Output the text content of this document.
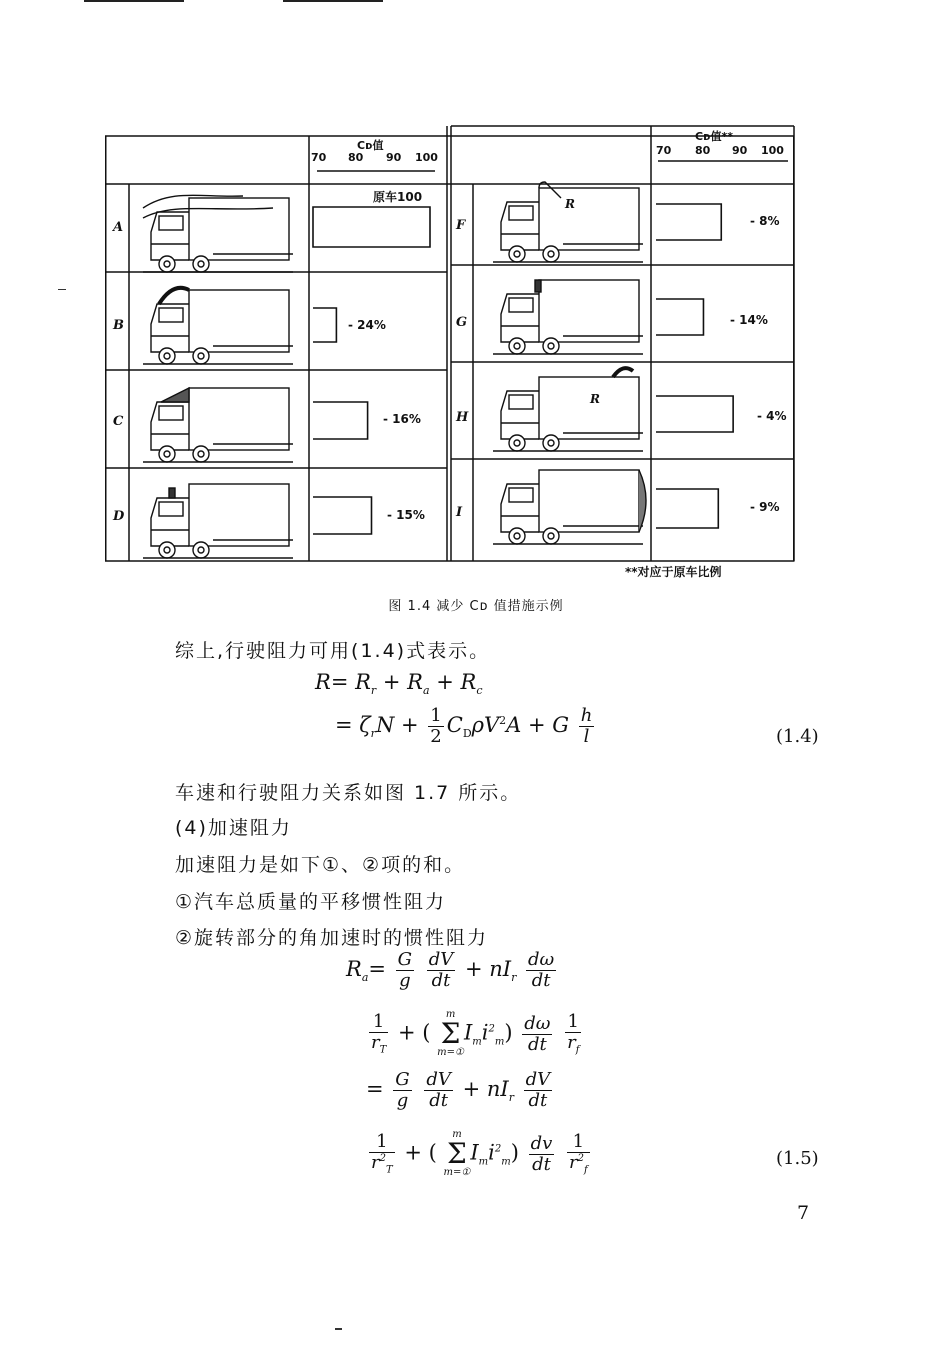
Cᴅ值
70 80 90 100
Cᴅ值**
70 80 90 100
原车100
A
B
C
D
F
G
H
I
- 24%
- 16%
- 15%
- 8%
- 14%
- 4%
- 9%
R
R
**对应于原车比例
图 1.4 减少 Cᴅ 值措施示例
综上,行驶阻力可用(1.4)式表示。
$R= R_r + R_a + R_c$
= $\zeta_rN + \frac{1}{2} C_D\rho V^2A + G \frac{h}{l}$	(1.4)
车速和行驶阻力关系如图 1.7 所示。
(4)加速阻力
加速阻力是如下①、②项的和。
①汽车总质量的平移惯性阻力
②旋转部分的角加速时的惯性阻力
$R_a= \frac{G}{g}$
$\frac{dV}{dt} + nI_r \frac{d\omega}{dt}$
$\frac{1}{r_T}$ + ( m
Σ
$m=①I_mi^2_m) \frac{d\omega}{dt}$
$\frac{1}{r_f}$
= $\frac{G}{g}$
$\frac{dV}{dt} + nI_r \frac{dV}{dt}$
$\frac{1}{r^2_T}$ + ( m
Σ
$m=①I_mi^2_m) \frac{dv}{dt}$
$\frac{1}{r^2_f}$	(1.5)
7
